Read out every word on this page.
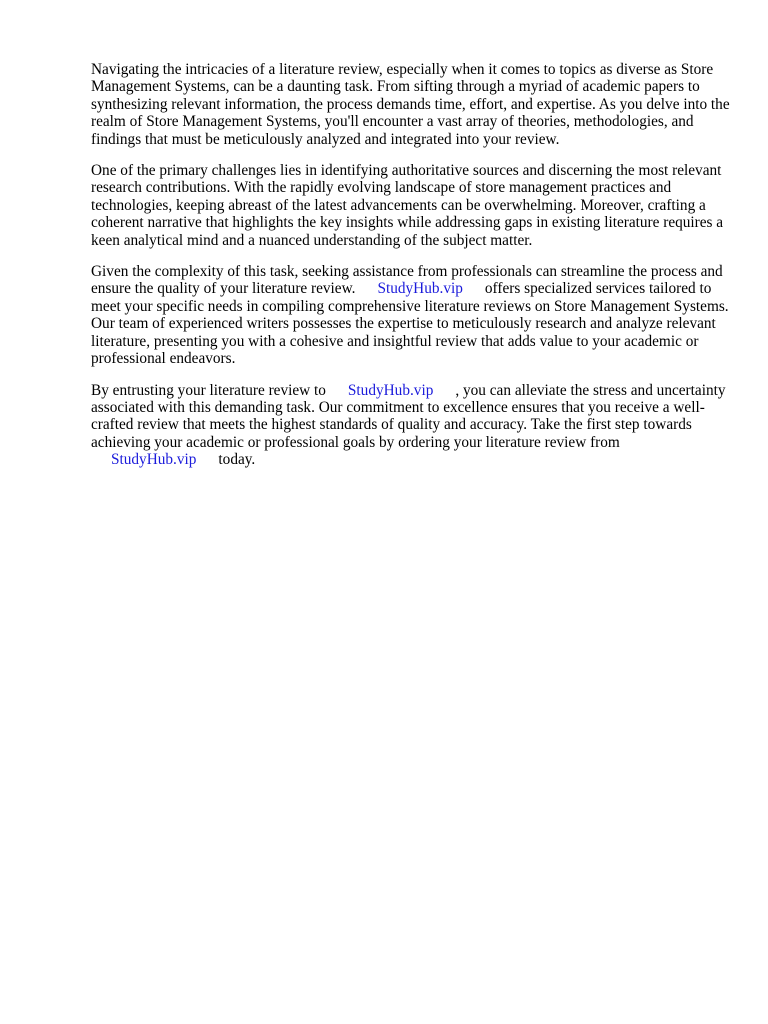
Navigating the intricacies of a literature review, especially when it comes to topics as diverse as Store Management Systems, can be a daunting task. From sifting through a myriad of academic papers to synthesizing relevant information, the process demands time, effort, and expertise. As you delve into the realm of Store Management Systems, you'll encounter a vast array of theories, methodologies, and findings that must be meticulously analyzed and integrated into your review.

One of the primary challenges lies in identifying authoritative sources and discerning the most relevant research contributions. With the rapidly evolving landscape of store management practices and technologies, keeping abreast of the latest advancements can be overwhelming. Moreover, crafting a coherent narrative that highlights the key insights while addressing gaps in existing literature requires a keen analytical mind and a nuanced understanding of the subject matter.

Given the complexity of this task, seeking assistance from professionals can streamline the process and ensure the quality of your literature review. StudyHub.vip offers specialized services tailored to meet your specific needs in compiling comprehensive literature reviews on Store Management Systems. Our team of experienced writers possesses the expertise to meticulously research and analyze relevant literature, presenting you with a cohesive and insightful review that adds value to your academic or professional endeavors.

By entrusting your literature review to StudyHub.vip , you can alleviate the stress and uncertainty associated with this demanding task. Our commitment to excellence ensures that you receive a well-crafted review that meets the highest standards of quality and accuracy. Take the first step towards achieving your academic or professional goals by ordering your literature review from StudyHub.vip today.
